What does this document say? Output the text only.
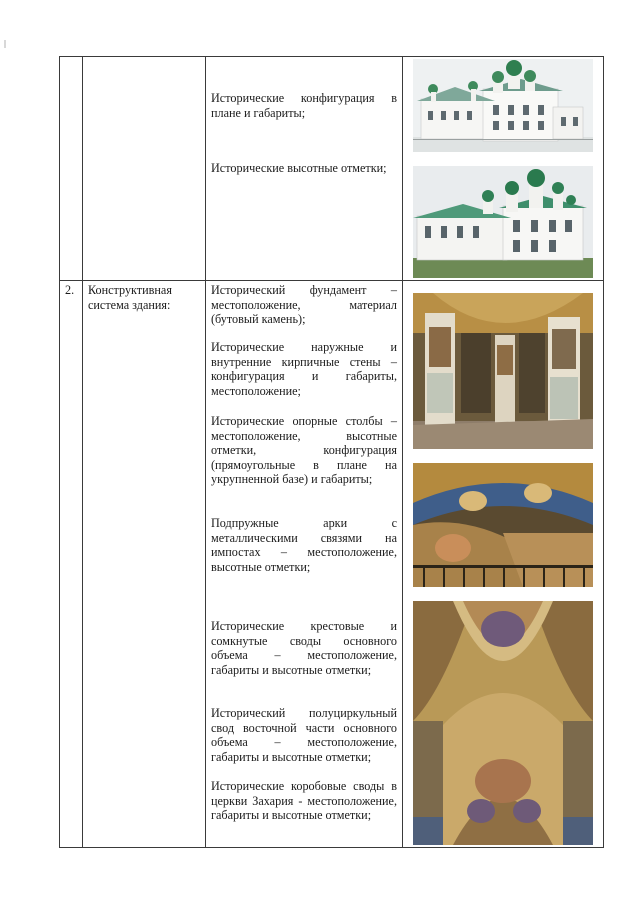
Исторические конфигурация в плане и габариты;
Исторические высотные отметки;
2. Конструктивная система здания:
Исторический фундамент – местоположение, материал (бутовый камень);
Исторические наружные и внутренние кирпичные стены – конфигурация и габариты, местоположение;
Исторические опорные столбы – местоположение, высотные отметки, конфигурация (прямоугольные в плане на укрупненной базе) и габариты;
Подпружные арки с металлическими связями на импостах – местоположение, высотные отметки;
Исторические крестовые и сомкнутые своды основного объема – местоположение, габариты и высотные отметки;
Исторический полуциркульный свод восточной части основного объема – местоположение, габариты и высотные отметки;
Исторические коробовые своды в церкви Захария - местоположение, габариты и высотные отметки;
